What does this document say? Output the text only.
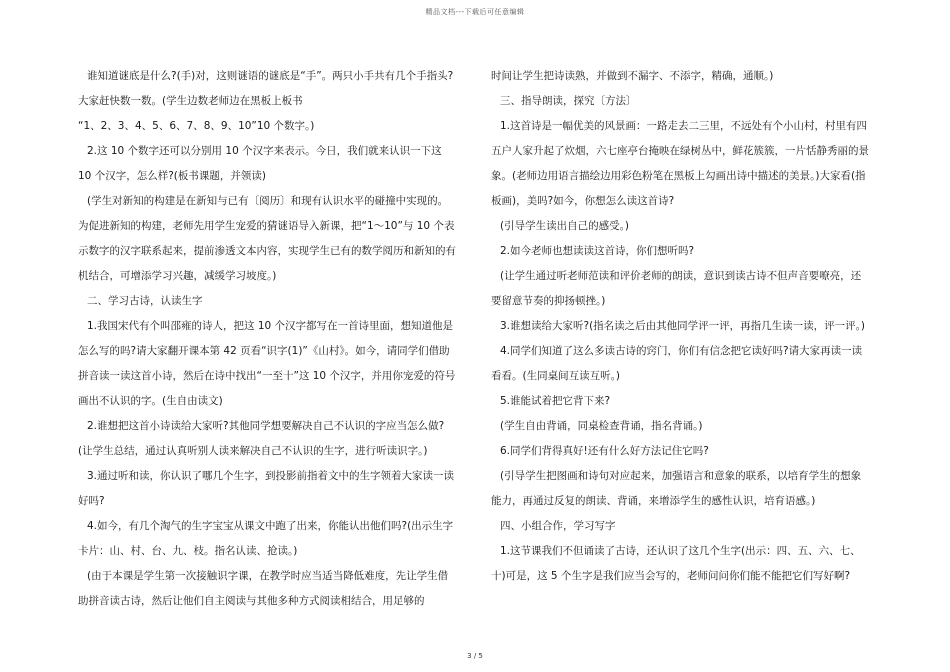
精品文档---下载后可任意编辑

谁知道谜底是什么?(手)对，这则谜语的谜底是“手”。两只小手共有几个手指头?大家赶快数一数。(学生边数老师边在黑板上板书

“1、2、3、4、5、6、7、8、9、10”10 个数字。)

2.这 10 个数字还可以分别用 10 个汉字来表示。今日，我们就来认识一下这 10 个汉字，怎么样?(板书课题，并领读)

(学生对新知的构建是在新知与已有〔阅历〕和现有认识水平的碰撞中实现的。为促进新知的构建，老师先用学生宠爱的猜谜语导入新课，把“1～10”与 10 个表示数字的汉字联系起来，提前渗透文本内容，实现学生已有的数学阅历和新知的有机结合，可增添学习兴趣，减缓学习坡度。)

二、学习古诗，认读生字

1.我国宋代有个叫邵雍的诗人，把这 10 个汉字都写在一首诗里面，想知道他是怎么写的吗?请大家翻开课本第 42 页看“识字(1)”《山村》。如今，请同学们借助拼音读一读这首小诗，然后在诗中找出“一至十”这 10 个汉字，并用你宠爱的符号画出不认识的字。(生自由读文)

2.谁想把这首小诗读给大家听?其他同学想要解决自己不认识的字应当怎么做?(让学生总结，通过认真听别人读来解决自己不认识的生字，进行听读识字。)

3.通过听和读，你认识了哪几个生字，到投影前指着文中的生字领着大家读一读好吗?

4.如今，有几个淘气的生字宝宝从课文中跑了出来，你能认出他们吗?(出示生字卡片：山、村、台、九、枝。指名认读、抢读。)

(由于本课是学生第一次接触识字课，在教学时应当适当降低难度，先让学生借助拼音读古诗，然后让他们自主阅读与其他多种方式阅读相结合，用足够的

时间让学生把诗读熟，并做到不漏字、不添字，精确，通顺。)

三、指导朗读，探究〔方法〕

1.这首诗是一幅优美的风景画：一路走去二三里，不远处有个小山村，村里有四五户人家升起了炊烟，六七座亭台掩映在绿树丛中，鲜花簇簇，一片恬静秀丽的景象。(老师边用语言描绘边用彩色粉笔在黑板上勾画出诗中描述的美景。)大家看(指板画)，美吗?如今，你想怎么读这首诗?

(引导学生读出自己的感受。)

2.如今老师也想读读这首诗，你们想听吗?

(让学生通过听老师范读和评价老师的朗读，意识到读古诗不但声音要嘹亮，还要留意节奏的抑扬顿挫。)

3.谁想读给大家听?(指名读之后由其他同学评一评，再指几生读一读，评一评。)

4.同学们知道了这么多读古诗的窍门，你们有信念把它读好吗?请大家再读一读看看。(生同桌间互读互听。)

5.谁能试着把它背下来?

(学生自由背诵，同桌检查背诵，指名背诵。)

6.同学们背得真好!还有什么好方法记住它吗?

(引导学生把图画和诗句对应起来，加强语言和意象的联系，以培育学生的想象能力，再通过反复的朗读、背诵，来增添学生的感性认识，培育语感。)

四、小组合作，学习写字

1.这节课我们不但诵读了古诗，还认识了这几个生字(出示：四、五、六、七、十)可是，这 5 个生字是我们应当会写的，老师问问你们能不能把它们写好啊?

3 / 5
